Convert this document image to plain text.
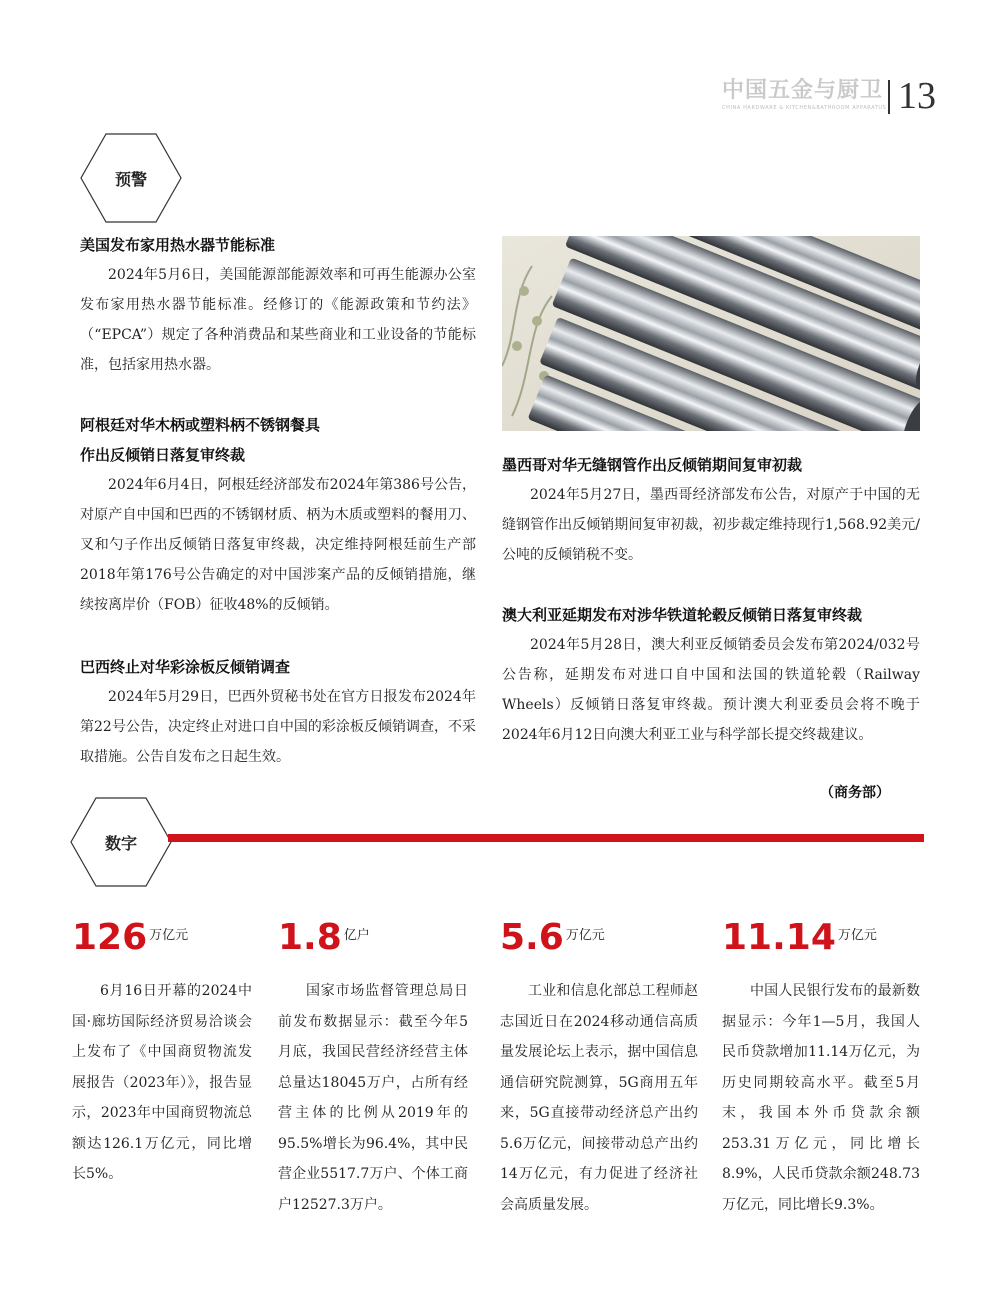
中国五金与厨卫
CHINA HARDWARE & KITCHEN&BATHROOM APPARATUS 13
预警
美国发布家用热水器节能标准

2024年5月6日，美国能源部能源效率和可再生能源办公室发布家用热水器节能标准。经修订的《能源政策和节约法》（“EPCA”）规定了各种消费品和某些商业和工业设备的节能标准，包括家用热水器。

阿根廷对华木柄或塑料柄不锈钢餐具
作出反倾销日落复审终裁

2024年6月4日，阿根廷经济部发布2024年第386号公告，对原产自中国和巴西的不锈钢材质、柄为木质或塑料的餐用刀、叉和勺子作出反倾销日落复审终裁，决定维持阿根廷前生产部2018年第176号公告确定的对中国涉案产品的反倾销措施，继续按离岸价（FOB）征收48%的反倾销。

巴西终止对华彩涂板反倾销调查

2024年5月29日，巴西外贸秘书处在官方日报发布2024年第22号公告，决定终止对进口自中国的彩涂板反倾销调查，不采取措施。公告自发布之日起生效。

墨西哥对华无缝钢管作出反倾销期间复审初裁

2024年5月27日，墨西哥经济部发布公告，对原产于中国的无缝钢管作出反倾销期间复审初裁，初步裁定维持现行1,568.92美元/公吨的反倾销税不变。

澳大利亚延期发布对涉华铁道轮毂反倾销日落复审终裁

2024年5月28日，澳大利亚反倾销委员会发布第2024/032号公告称，延期发布对进口自中国和法国的铁道轮毂（Railway Wheels）反倾销日落复审终裁。预计澳大利亚委员会将不晚于2024年6月12日向澳大利亚工业与科学部长提交终裁建议。

（商务部）
数字
126 万亿元

6月16日开幕的2024中国·廊坊国际经济贸易洽谈会上发布了《中国商贸物流发展报告（2023年）》，报告显示，2023年中国商贸物流总额达126.1万亿元，同比增长5%。

1.8 亿户

国家市场监督管理总局日前发布数据显示：截至今年5月底，我国民营经济经营主体总量达18045万户，占所有经营主体的比例从2019年的95.5%增长为96.4%，其中民营企业5517.7万户、个体工商户12527.3万户。

5.6 万亿元

工业和信息化部总工程师赵志国近日在2024移动通信高质量发展论坛上表示，据中国信息通信研究院测算，5G商用五年来，5G直接带动经济总产出约5.6万亿元，间接带动总产出约14万亿元，有力促进了经济社会高质量发展。

11.14 万亿元

中国人民银行发布的最新数据显示：今年1—5月，我国人民币贷款增加11.14万亿元，为历史同期较高水平。截至5月末，我国本外币贷款余额253.31万亿元，同比增长8.9%，人民币贷款余额248.73万亿元，同比增长9.3%。
